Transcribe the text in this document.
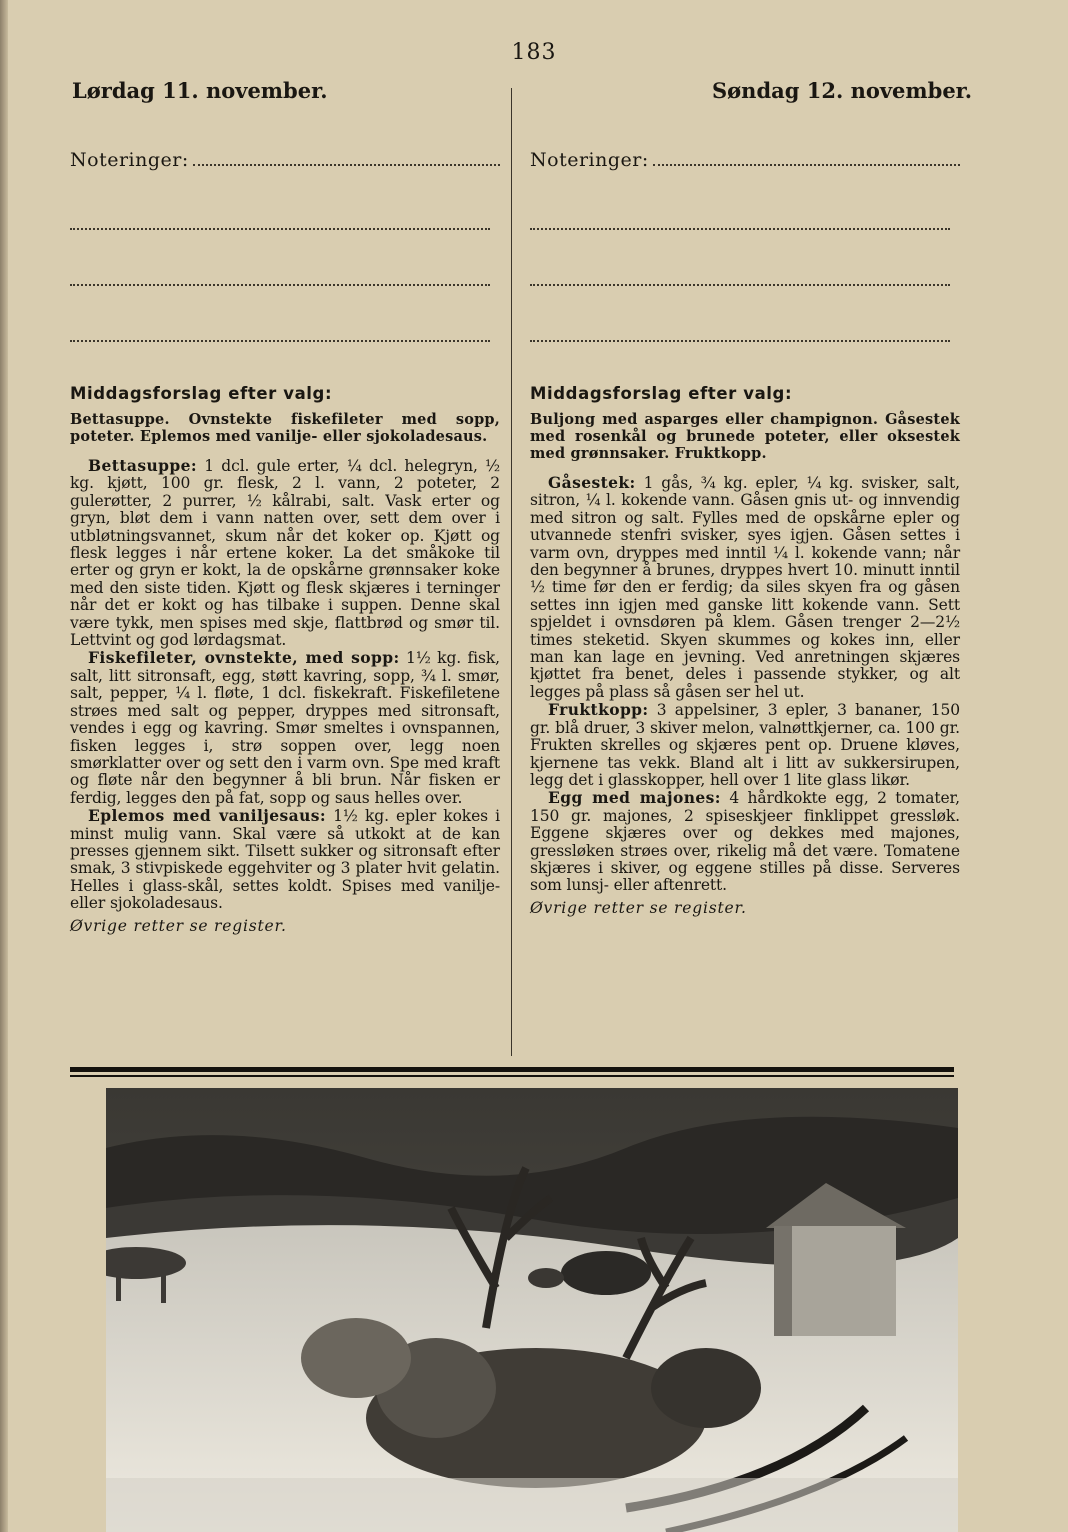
183
Lørdag 11. november.	Søndag 12. november.
Noteringer:
Middagsforslag efter valg:
Bettasuppe. Ovnstekte fiskefileter med sopp, poteter. Eplemos med vanilje- eller sjokoladesaus.

Bettasuppe: 1 dcl. gule erter, ¼ dcl. helegryn, ½ kg. kjøtt, 100 gr. flesk, 2 l. vann, 2 poteter, 2 gulerøtter, 2 purrer, ½ kålrabi, salt. Vask erter og gryn, bløt dem i vann natten over, sett dem over i utbløtningsvannet, skum når det koker op. Kjøtt og flesk legges i når ertene koker. La det småkoke til erter og gryn er kokt, la de opskårne grønnsaker koke med den siste tiden. Kjøtt og flesk skjæres i terninger når det er kokt og has tilbake i suppen. Denne skal være tykk, men spises med skje, flattbrød og smør til. Lettvint og god lørdagsmat.

Fiskefileter, ovnstekte, med sopp: 1½ kg. fisk, salt, litt sitronsaft, egg, støtt kavring, sopp, ¾ l. smør, salt, pepper, ¼ l. fløte, 1 dcl. fiskekraft. Fiskefiletene strøes med salt og pepper, dryppes med sitronsaft, vendes i egg og kavring. Smør smeltes i ovnspannen, fisken legges i, strø soppen over, legg noen smørklatter over og sett den i varm ovn. Spe med kraft og fløte når den begynner å bli brun. Når fisken er ferdig, legges den på fat, sopp og saus helles over.

Eplemos med vaniljesaus: 1½ kg. epler kokes i minst mulig vann. Skal være så utkokt at de kan presses gjennem sikt. Tilsett sukker og sitronsaft efter smak, 3 stivpiskede eggehviter og 3 plater hvit gelatin. Helles i glass-skål, settes koldt. Spises med vanilje- eller sjokoladesaus.

Øvrige retter se register.
Noteringer:
Middagsforslag efter valg:
Buljong med asparges eller champignon. Gåsestek med rosenkål og brunede poteter, eller oksestek med grønnsaker. Fruktkopp.

Gåsestek: 1 gås, ¾ kg. epler, ¼ kg. svisker, salt, sitron, ¼ l. kokende vann. Gåsen gnis ut- og innvendig med sitron og salt. Fylles med de opskårne epler og utvannede stenfri svisker, syes igjen. Gåsen settes i varm ovn, dryppes med inntil ¼ l. kokende vann; når den begynner å brunes, dryppes hvert 10. minutt inntil ½ time før den er ferdig; da siles skyen fra og gåsen settes inn igjen med ganske litt kokende vann. Sett spjeldet i ovnsdøren på klem. Gåsen trenger 2—2½ times steketid. Skyen skummes og kokes inn, eller man kan lage en jevning. Ved anretningen skjæres kjøttet fra benet, deles i passende stykker, og alt legges på plass så gåsen ser hel ut.

Fruktkopp: 3 appelsiner, 3 epler, 3 bananer, 150 gr. blå druer, 3 skiver melon, valnøttkjerner, ca. 100 gr. Frukten skrelles og skjæres pent op. Druene kløves, kjernene tas vekk. Bland alt i litt av sukkersirupen, legg det i glasskopper, hell over 1 lite glass likør.

Egg med majones: 4 hårdkokte egg, 2 tomater, 150 gr. majones, 2 spiseskjeer finklippet gressløk. Eggene skjæres over og dekkes med majones, gressløken strøes over, rikelig må det være. Tomatene skjæres i skiver, og eggene stilles på disse. Serveres som lunsj- eller aftenrett.

Øvrige retter se register.
